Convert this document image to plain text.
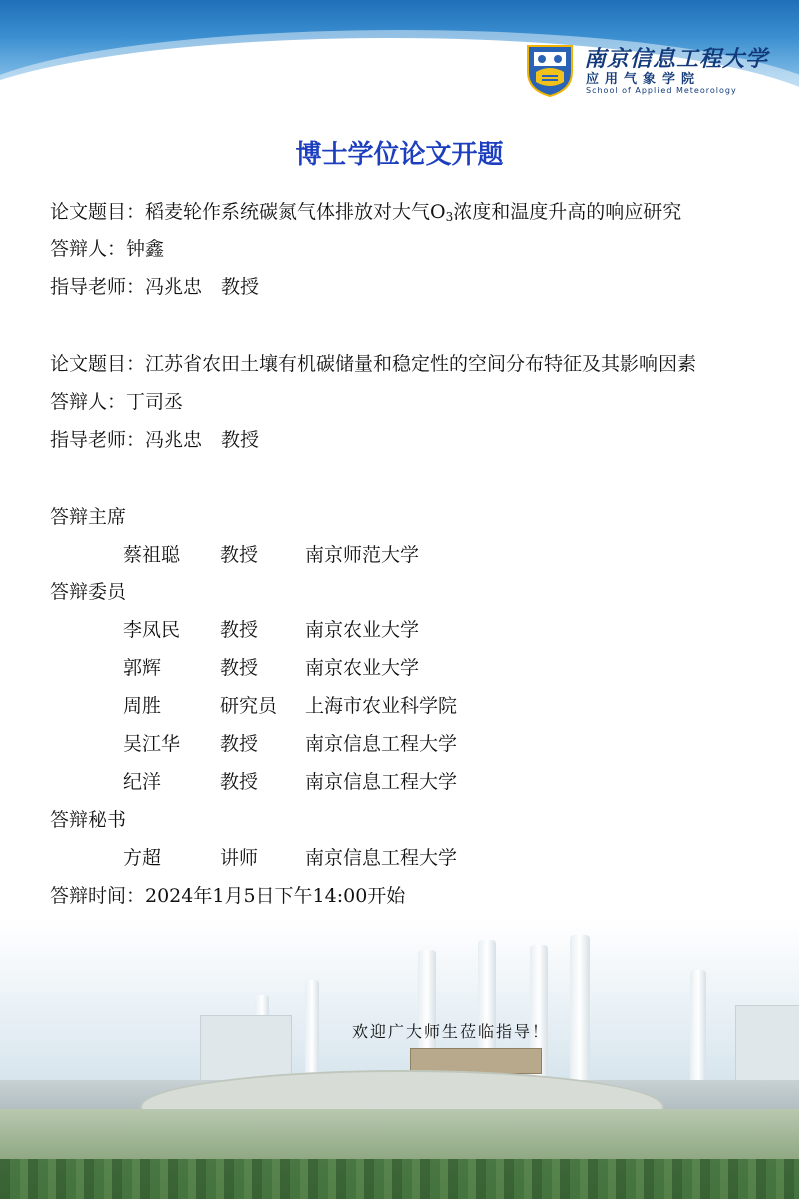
南京信息工程大学
应用气象学院
School of Applied Meteorology
博士学位论文开题
论文题目：稻麦轮作系统碳氮气体排放对大气$O_3$浓度和温度升高的响应研究
答辩人：钟鑫
指导老师：冯兆忠　教授
论文题目：江苏省农田土壤有机碳储量和稳定性的空间分布特征及其影响因素
答辩人：丁司丞
指导老师：冯兆忠　教授
答辩主席
蔡祖聪 教授 南京师范大学
答辩委员
李凤民 教授 南京农业大学
郭辉	教授 南京农业大学
周胜	研究员 上海市农业科学院
吴江华 教授 南京信息工程大学
纪洋	教授 南京信息工程大学
答辩秘书
方超	讲师 南京信息工程大学
答辩时间：2024年1月5日下午14:00开始
欢迎广大师生莅临指导！
